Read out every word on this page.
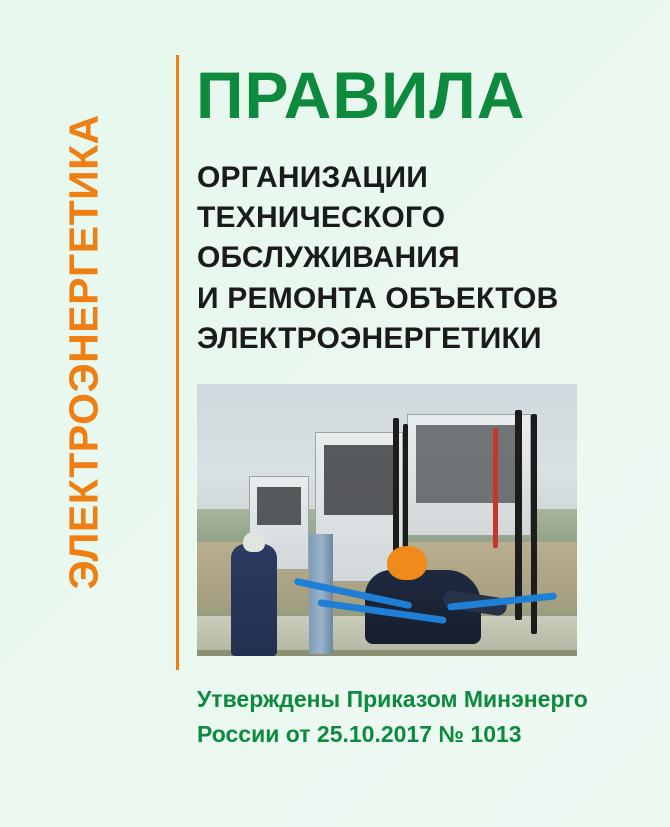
ЭЛЕКТРОЭНЕРГЕТИКА
ПРАВИЛА
ОРГАНИЗАЦИИ
ТЕХНИЧЕСКОГО
ОБСЛУЖИВАНИЯ
И РЕМОНТА ОБЪЕКТОВ
ЭЛЕКТРОЭНЕРГЕТИКИ
Утверждены Приказом Минэнерго
России от 25.10.2017 № 1013
